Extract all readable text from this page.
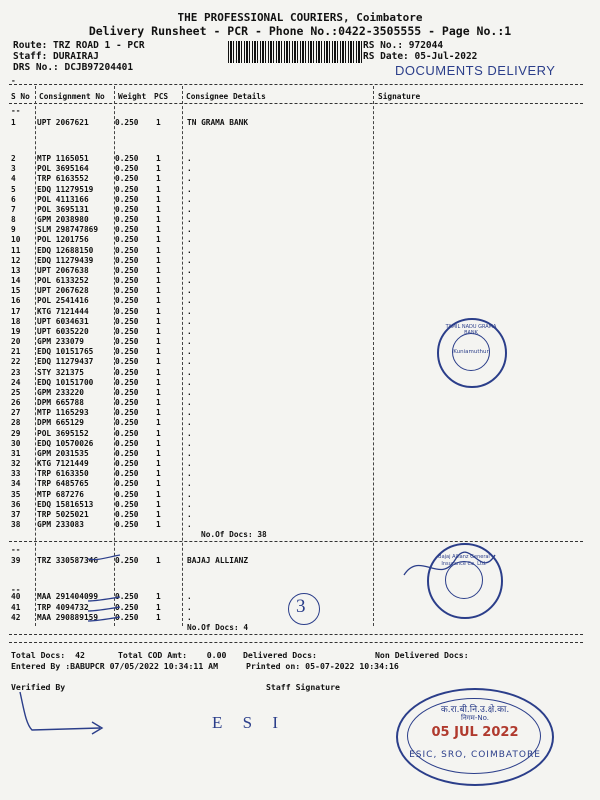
THE PROFESSIONAL COURIERS, Coimbatore
Delivery Runsheet - PCR - Phone No.:0422-3505555 - Page No.:1
Route: TRZ ROAD 1 - PCR
Staff: DURAIRAJ
DRS No.: DCJB97204401
RS No.: 972044
RS Date: 05-Jul-2022
DOCUMENTS DELIVERY
-
S No Consignment No Weight PCS Consignee Details	Signature
--
1	UPT 2067621	0.250 1	TN GRAMA BANK
2	MTP 1165051	0.250 1	.
3	POL 3695164	0.250 1	.
4	TRP 6163552	0.250 1	.
5	EDQ 11279519	0.250 1	.
6	POL 4113166	0.250 1	.
7	POL 3695131	0.250 1	.
8	GPM 2038980	0.250 1	.
9	SLM 298747869 0.250 1	.
10 POL 1201756	0.250 1	.
11 EDQ 12688150	0.250 1	.
12 EDQ 11279439	0.250 1	.
13 UPT 2067638	0.250 1	.
14 POL 6133252	0.250 1	.
15 UPT 2067628	0.250 1	.
16 POL 2541416	0.250 1	.
17 KTG 7121444	0.250 1	.
18 UPT 6034631	0.250 1	.
19 UPT 6035220	0.250 1	.
20 GPM 233079	0.250 1	.
21 EDQ 10151765	0.250 1	.
22 EDQ 11279437	0.250 1	.
23 STY 321375	0.250 1	.
24 EDQ 10151700	0.250 1	.
25 GPM 233220	0.250 1	.
26 DPM 665788	0.250 1	.
27 MTP 1165293	0.250 1	.
28 DPM 665129	0.250 1	.
29 POL 3695152	0.250 1	.
30 EDQ 10570026	0.250 1	.
31 GPM 2031535	0.250 1	.
32 KTG 7121449	0.250 1	.
33 TRP 6163350	0.250 1	.
34 TRP 6485765	0.250 1	.
35 MTP 687276	0.250 1	.
36 EDQ 15816513	0.250 1	.
37 TRP 5025021	0.250 1	.
38 GPM 233083	0.250 1	.
No.Of Docs: 38
--
39 TRZ 330587346 0.250 1	BAJAJ ALLIANZ
--
40 MAA 291404099 0.250 1	.
41 TRP 4094732	0.250 1	.
42 MAA 290889159 0.250 1	.
No.Of Docs: 4
3
Total Docs:  42	Total COD Amt:    0.00 Delivered Docs:	Non Delivered Docs:
Entered By :BABUPCR 07/05/2022 10:34:11 AM	Printed on: 05-07-2022 10:34:16
Verified By	Staff Signature
E S I
TAMIL NADU GRAMA BANK
Kuniamuthur
Bajaj Allianz General Insurance Co. Ltd.
क.रा.बी.नि.उ.क्षे.का.
निगम-No.
05 JUL 2022
ESIC, SRO, COIMBATORE
